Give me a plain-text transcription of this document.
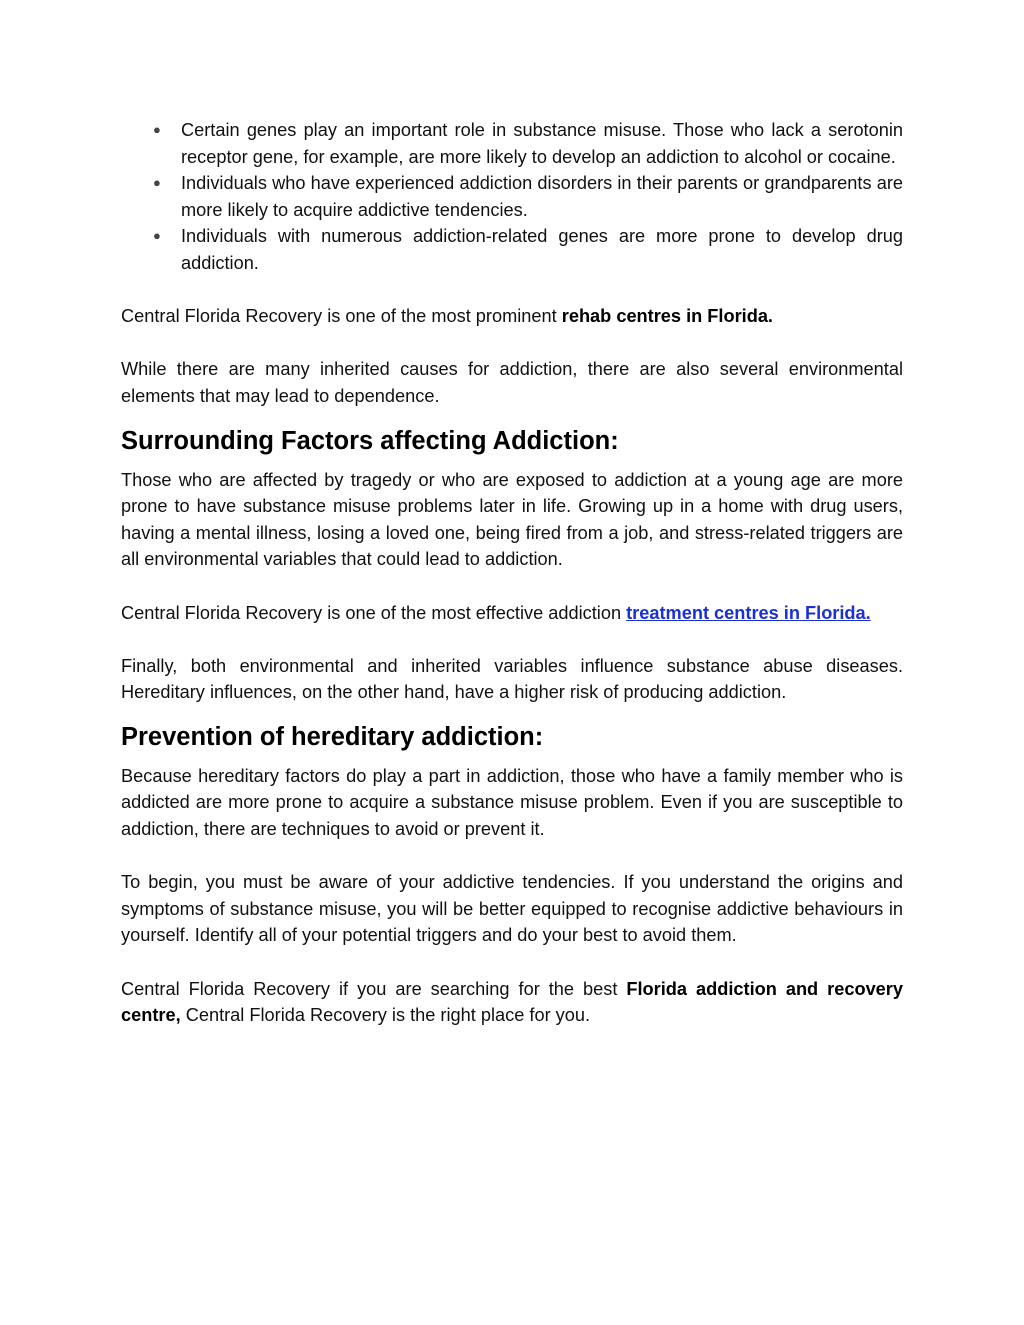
● Certain genes play an important role in substance misuse. Those who lack a serotonin receptor gene, for example, are more likely to develop an addiction to alcohol or cocaine.
● Individuals who have experienced addiction disorders in their parents or grandparents are more likely to acquire addictive tendencies.
● Individuals with numerous addiction-related genes are more prone to develop drug addiction.

Central Florida Recovery is one of the most prominent rehab centres in Florida.

While there are many inherited causes for addiction, there are also several environmental elements that may lead to dependence.

Surrounding Factors affecting Addiction:

Those who are affected by tragedy or who are exposed to addiction at a young age are more prone to have substance misuse problems later in life. Growing up in a home with drug users, having a mental illness, losing a loved one, being fired from a job, and stress-related triggers are all environmental variables that could lead to addiction.

Central Florida Recovery is one of the most effective addiction treatment centres in Florida.

Finally, both environmental and inherited variables influence substance abuse diseases. Hereditary influences, on the other hand, have a higher risk of producing addiction.

Prevention of hereditary addiction:

Because hereditary factors do play a part in addiction, those who have a family member who is addicted are more prone to acquire a substance misuse problem. Even if you are susceptible to addiction, there are techniques to avoid or prevent it.

To begin, you must be aware of your addictive tendencies. If you understand the origins and symptoms of substance misuse, you will be better equipped to recognise addictive behaviours in yourself. Identify all of your potential triggers and do your best to avoid them.

Central Florida Recovery if you are searching for the best Florida addiction and recovery centre, Central Florida Recovery is the right place for you.
